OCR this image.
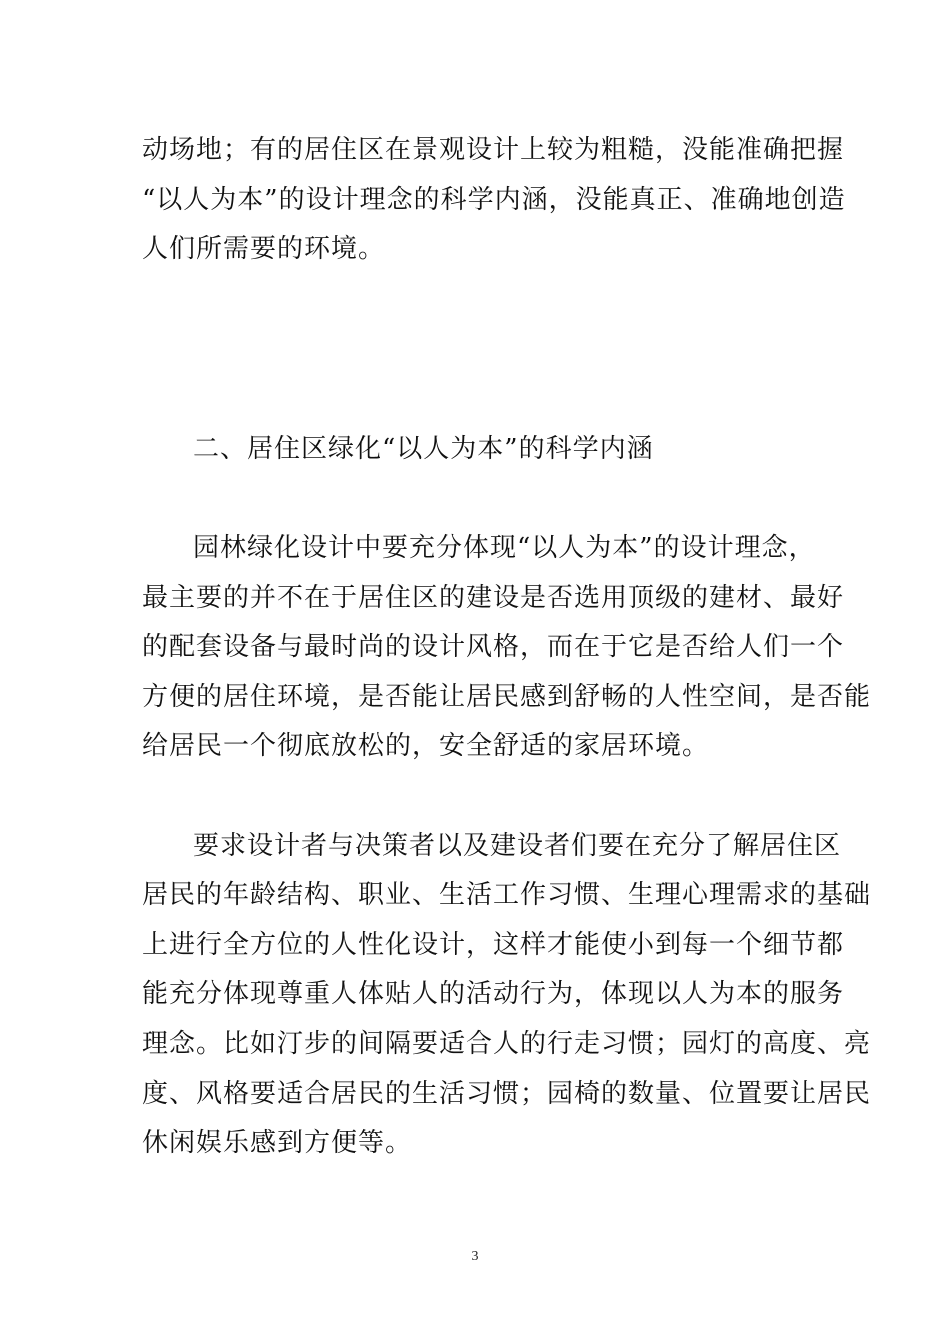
动场地；有的居住区在景观设计上较为粗糙，没能准确把握
“以人为本”的设计理念的科学内涵，没能真正、准确地创造
人们所需要的环境。
二、居住区绿化“以人为本”的科学内涵
园林绿化设计中要充分体现“以人为本”的设计理念，
最主要的并不在于居住区的建设是否选用顶级的建材、最好
的配套设备与最时尚的设计风格，而在于它是否给人们一个
方便的居住环境，是否能让居民感到舒畅的人性空间，是否能
给居民一个彻底放松的，安全舒适的家居环境。
要求设计者与决策者以及建设者们要在充分了解居住区
居民的年龄结构、职业、生活工作习惯、生理心理需求的基础
上进行全方位的人性化设计，这样才能使小到每一个细节都
能充分体现尊重人体贴人的活动行为，体现以人为本的服务
理念。比如汀步的间隔要适合人的行走习惯；园灯的高度、亮
度、风格要适合居民的生活习惯；园椅的数量、位置要让居民
休闲娱乐感到方便等。
3
